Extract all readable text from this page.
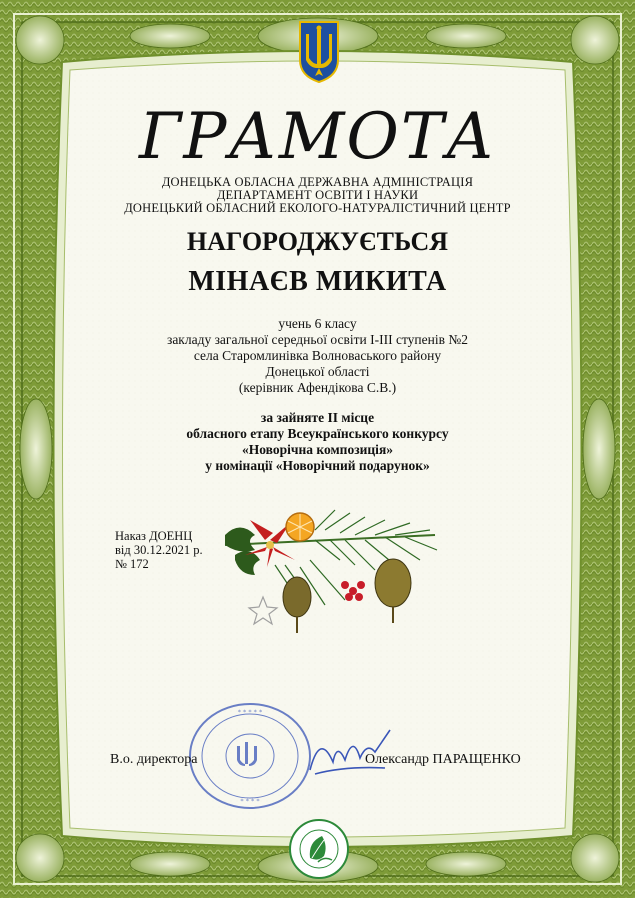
ГРАМОТА
ДОНЕЦЬКА ОБЛАСНА ДЕРЖАВНА АДМІНІСТРАЦІЯ
ДЕПАРТАМЕНТ ОСВІТИ І НАУКИ
ДОНЕЦЬКИЙ ОБЛАСНИЙ ЕКОЛОГО-НАТУРАЛІСТИЧНИЙ ЦЕНТР
НАГОРОДЖУЄТЬСЯ
МІНАЄВ МИКИТА
учень 6 класу
закладу загальної середньої освіти І-ІІІ ступенів №2
села Старомлинівка Волноваського району
Донецької області
(керівник Афендікова С.В.)
за зайняте ІІ місце
обласного етапу Всеукраїнського конкурсу
«Новорічна композиція»
у номінації «Новорічний подарунок»
Наказ ДОЕНЦ
від 30.12.2021 р.
№ 172
* * * * *
* * * *
В.о. директора	Олександр ПАРАЩЕНКО
